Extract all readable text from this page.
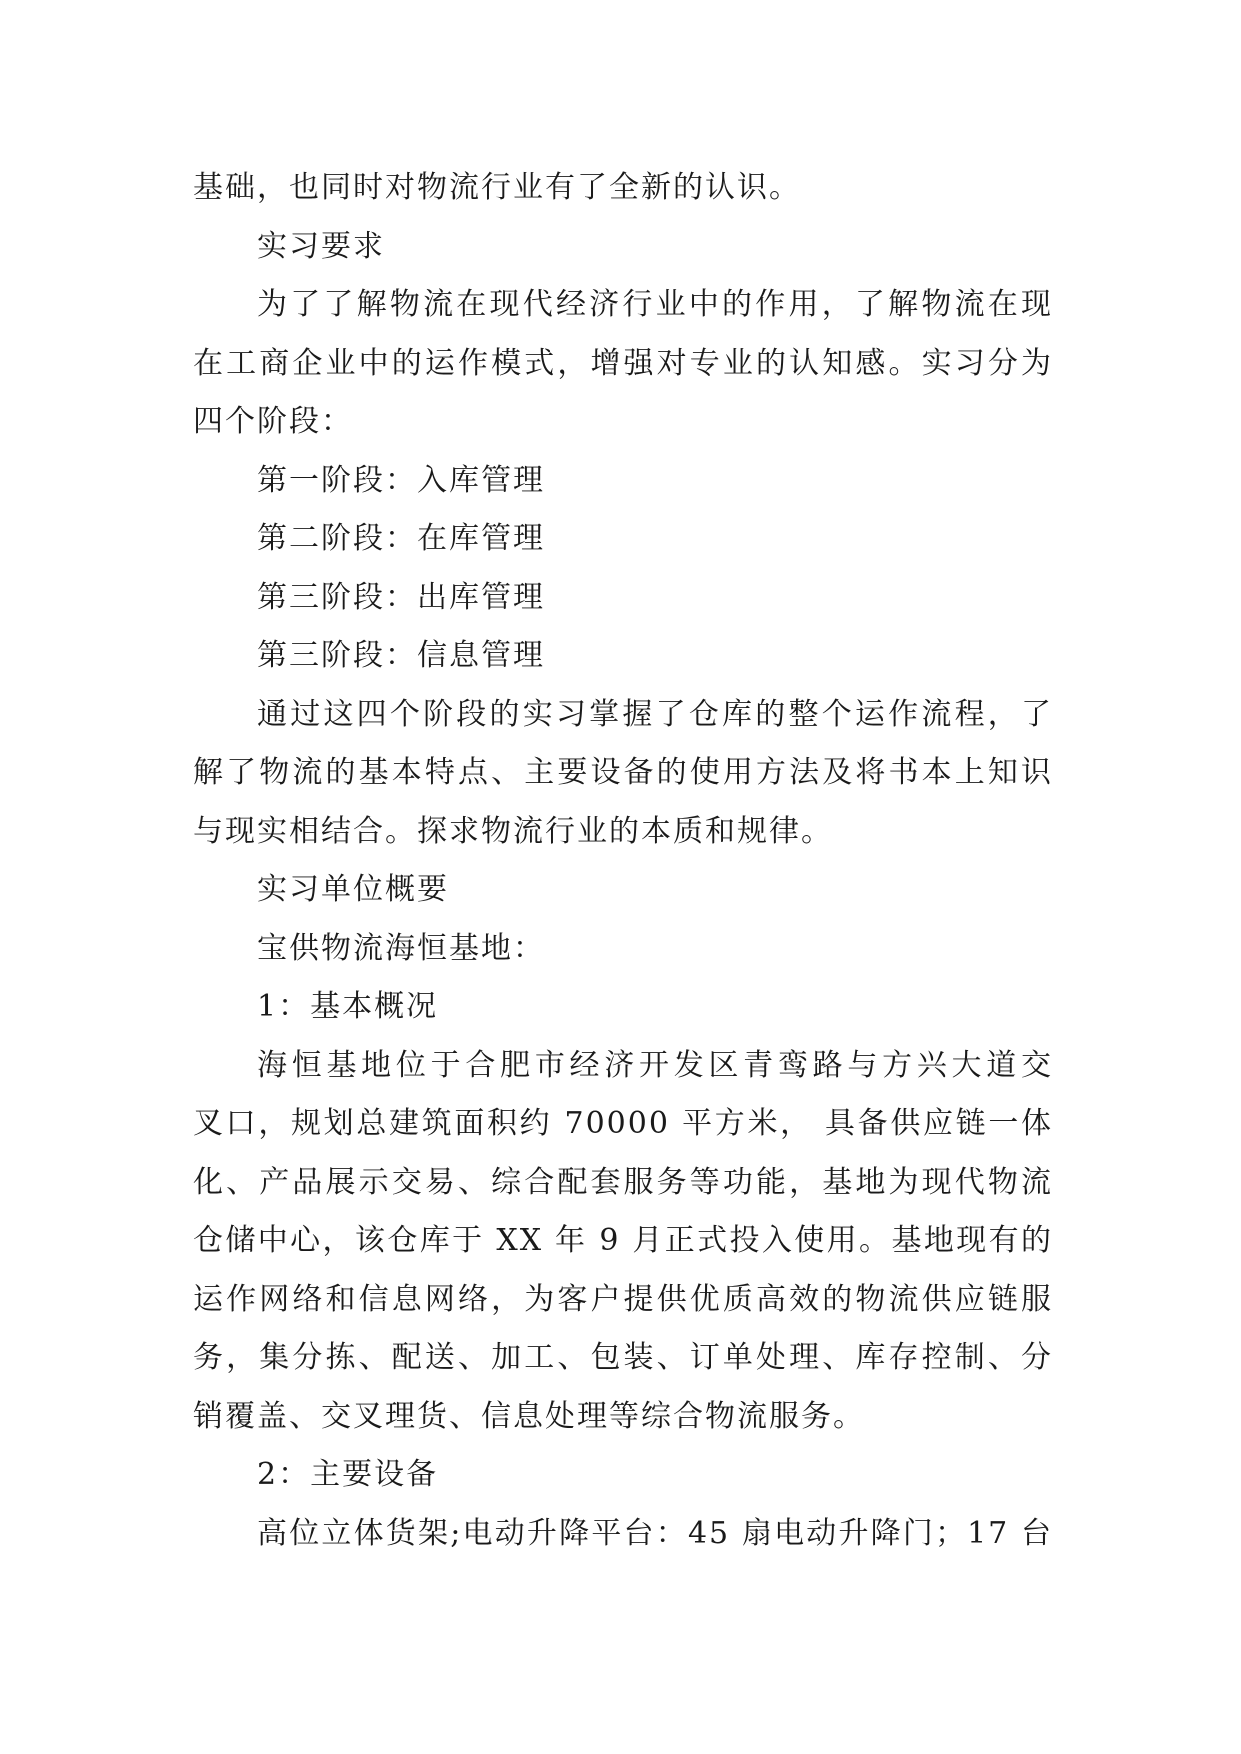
基础，也同时对物流行业有了全新的认识。
实习要求
为了了解物流在现代经济行业中的作用，了解物流在现
在工商企业中的运作模式，增强对专业的认知感。实习分为
四个阶段：
第一阶段：入库管理
第二阶段：在库管理
第三阶段：出库管理
第三阶段：信息管理
通过这四个阶段的实习掌握了仓库的整个运作流程，了
解了物流的基本特点、主要设备的使用方法及将书本上知识
与现实相结合。探求物流行业的本质和规律。
实习单位概要
宝供物流海恒基地：
1：基本概况
海恒基地位于合肥市经济开发区青鸾路与方兴大道交
叉口，规划总建筑面积约 70000 平方米， 具备供应链一体
化、产品展示交易、综合配套服务等功能，基地为现代物流
仓储中心，该仓库于 XX 年 9 月正式投入使用。基地现有的
运作网络和信息网络，为客户提供优质高效的物流供应链服
务，集分拣、配送、加工、包装、订单处理、库存控制、分
销覆盖、交叉理货、信息处理等综合物流服务。
2：主要设备
高位立体货架;电动升降平台：45 扇电动升降门；17 台
